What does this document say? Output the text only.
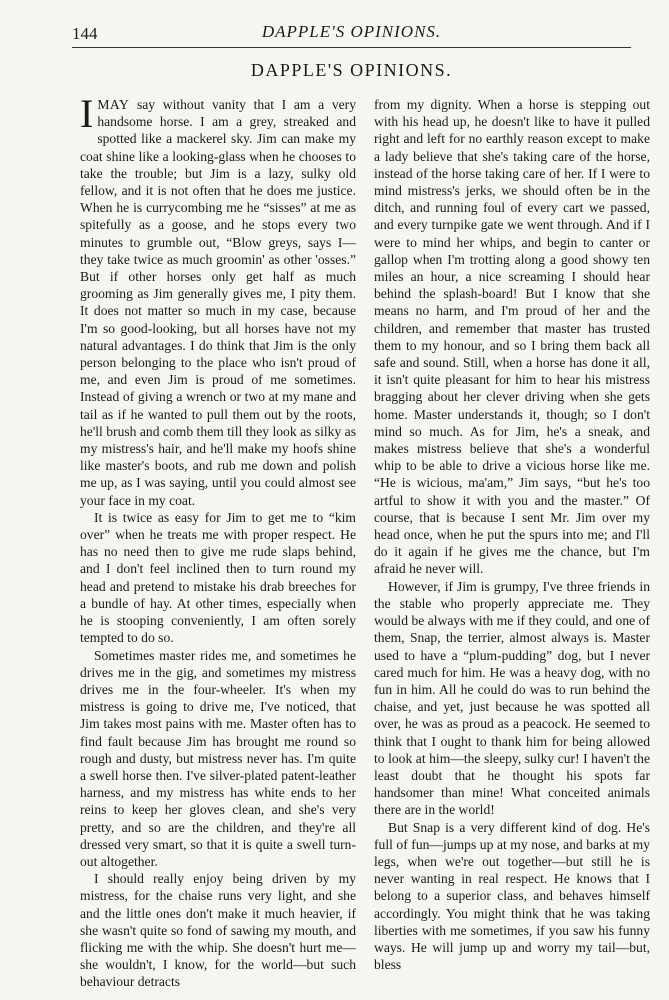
144	DAPPLE'S OPINIONS.
DAPPLE'S OPINIONS.

IMAY say without vanity that I am a very handsome horse. I am a grey, streaked and spotted like a mackerel sky. Jim can make my coat shine like a looking-glass when he chooses to take the trouble; but Jim is a lazy, sulky old fellow, and it is not often that he does me justice. When he is currycombing me he “sisses” at me as spitefully as a goose, and he stops every two minutes to grumble out, “Blow greys, says I—they take twice as much groomin' as other 'osses.” But if other horses only get half as much grooming as Jim generally gives me, I pity them. It does not matter so much in my case, because I'm so good-looking, but all horses have not my natural advantages. I do think that Jim is the only person belonging to the place who isn't proud of me, and even Jim is proud of me sometimes. Instead of giving a wrench or two at my mane and tail as if he wanted to pull them out by the roots, he'll brush and comb them till they look as silky as my mistress's hair, and he'll make my hoofs shine like master's boots, and rub me down and polish me up, as I was saying, until you could almost see your face in my coat.

It is twice as easy for Jim to get me to “kim over” when he treats me with proper respect. He has no need then to give me rude slaps behind, and I don't feel inclined then to turn round my head and pretend to mistake his drab breeches for a bundle of hay. At other times, especially when he is stooping conveniently, I am often sorely tempted to do so.

Sometimes master rides me, and sometimes he drives me in the gig, and sometimes my mistress drives me in the four-wheeler. It's when my mistress is going to drive me, I've noticed, that Jim takes most pains with me. Master often has to find fault because Jim has brought me round so rough and dusty, but mistress never has. I'm quite a swell horse then. I've silver-plated patent-leather harness, and my mistress has white ends to her reins to keep her gloves clean, and she's very pretty, and so are the children, and they're all dressed very smart, so that it is quite a swell turn-out altogether.

I should really enjoy being driven by my mistress, for the chaise runs very light, and she and the little ones don't make it much heavier, if she wasn't quite so fond of sawing my mouth, and flicking me with the whip. She doesn't hurt me—she wouldn't, I know, for the world—but such behaviour detracts

from my dignity. When a horse is stepping out with his head up, he doesn't like to have it pulled right and left for no earthly reason except to make a lady believe that she's taking care of the horse, instead of the horse taking care of her. If I were to mind mistress's jerks, we should often be in the ditch, and running foul of every cart we passed, and every turnpike gate we went through. And if I were to mind her whips, and begin to canter or gallop when I'm trotting along a good showy ten miles an hour, a nice screaming I should hear behind the splash-board! But I know that she means no harm, and I'm proud of her and the children, and remember that master has trusted them to my honour, and so I bring them back all safe and sound. Still, when a horse has done it all, it isn't quite pleasant for him to hear his mistress bragging about her clever driving when she gets home. Master understands it, though; so I don't mind so much. As for Jim, he's a sneak, and makes mistress believe that she's a wonderful whip to be able to drive a vicious horse like me. “He is wicious, ma'am,” Jim says, “but he's too artful to show it with you and the master.” Of course, that is because I sent Mr. Jim over my head once, when he put the spurs into me; and I'll do it again if he gives me the chance, but I'm afraid he never will.

However, if Jim is grumpy, I've three friends in the stable who properly appreciate me. They would be always with me if they could, and one of them, Snap, the terrier, almost always is. Master used to have a “plum-pudding” dog, but I never cared much for him. He was a heavy dog, with no fun in him. All he could do was to run behind the chaise, and yet, just because he was spotted all over, he was as proud as a peacock. He seemed to think that I ought to thank him for being allowed to look at him—the sleepy, sulky cur! I haven't the least doubt that he thought his spots far handsomer than mine! What conceited animals there are in the world!

But Snap is a very different kind of dog. He's full of fun—jumps up at my nose, and barks at my legs, when we're out together—but still he is never wanting in real respect. He knows that I belong to a superior class, and behaves himself accordingly. You might think that he was taking liberties with me sometimes, if you saw his funny ways. He will jump up and worry my tail—but, bless
